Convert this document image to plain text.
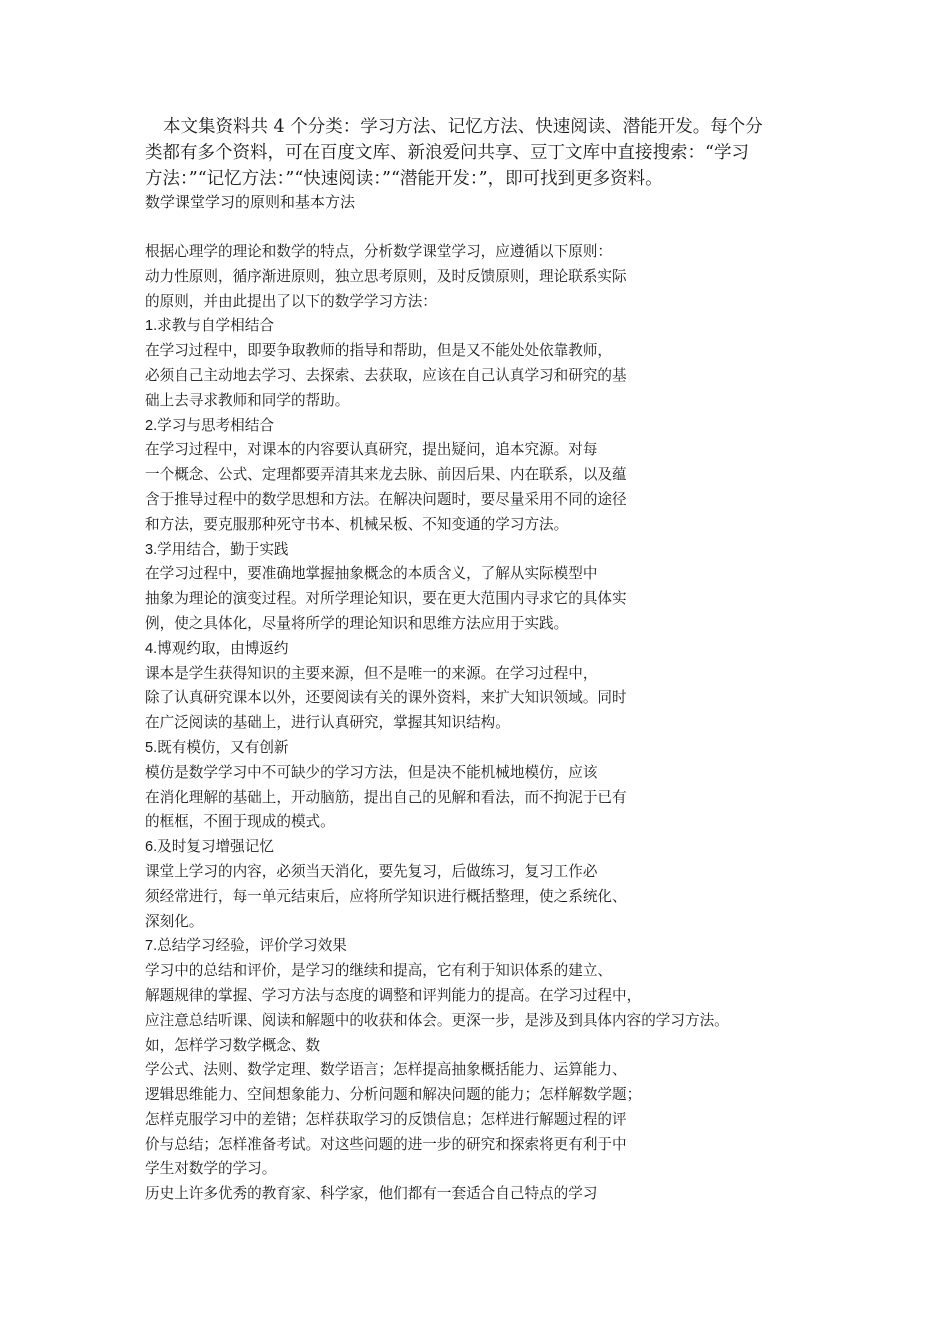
本文集资料共 4 个分类：学习方法、记忆方法、快速阅读、潜能开发。每个分
类都有多个资料，可在百度文库、新浪爱问共享、豆丁文库中直接搜索：“学习
方法：”“记忆方法：”“快速阅读：”“潜能开发：”，即可找到更多资料。
数学课堂学习的原则和基本方法
根据心理学的理论和数学的特点，分析数学课堂学习，应遵循以下原则：
动力性原则，循序渐进原则，独立思考原则，及时反馈原则，理论联系实际
的原则，并由此提出了以下的数学学习方法：
1.求教与自学相结合
在学习过程中，即要争取教师的指导和帮助，但是又不能处处依靠教师，
必须自己主动地去学习、去探索、去获取，应该在自己认真学习和研究的基
础上去寻求教师和同学的帮助。
2.学习与思考相结合
在学习过程中，对课本的内容要认真研究，提出疑问，追本究源。对每
一个概念、公式、定理都要弄清其来龙去脉、前因后果、内在联系，以及蕴
含于推导过程中的数学思想和方法。在解决问题时，要尽量采用不同的途径
和方法，要克服那种死守书本、机械呆板、不知变通的学习方法。
3.学用结合，勤于实践
在学习过程中，要准确地掌握抽象概念的本质含义，了解从实际模型中
抽象为理论的演变过程。对所学理论知识，要在更大范围内寻求它的具体实
例，使之具体化，尽量将所学的理论知识和思维方法应用于实践。
4.博观约取，由博返约
课本是学生获得知识的主要来源，但不是唯一的来源。在学习过程中，
除了认真研究课本以外，还要阅读有关的课外资料，来扩大知识领域。同时
在广泛阅读的基础上，进行认真研究，掌握其知识结构。
5.既有模仿，又有创新
模仿是数学学习中不可缺少的学习方法，但是决不能机械地模仿，应该
在消化理解的基础上，开动脑筋，提出自己的见解和看法，而不拘泥于已有
的框框，不囿于现成的模式。
6.及时复习增强记忆
课堂上学习的内容，必须当天消化，要先复习，后做练习，复习工作必
须经常进行，每一单元结束后，应将所学知识进行概括整理，使之系统化、
深刻化。
7.总结学习经验，评价学习效果
学习中的总结和评价，是学习的继续和提高，它有利于知识体系的建立、
解题规律的掌握、学习方法与态度的调整和评判能力的提高。在学习过程中，
应注意总结听课、阅读和解题中的收获和体会。更深一步，是涉及到具体内容的学习方法。
如，怎样学习数学概念、数
学公式、法则、数学定理、数学语言；怎样提高抽象概括能力、运算能力、
逻辑思维能力、空间想象能力、分析问题和解决问题的能力；怎样解数学题；
怎样克服学习中的差错；怎样获取学习的反馈信息；怎样进行解题过程的评
价与总结；怎样准备考试。对这些问题的进一步的研究和探索将更有利于中
学生对数学的学习。
历史上许多优秀的教育家、科学家，他们都有一套适合自己特点的学习
